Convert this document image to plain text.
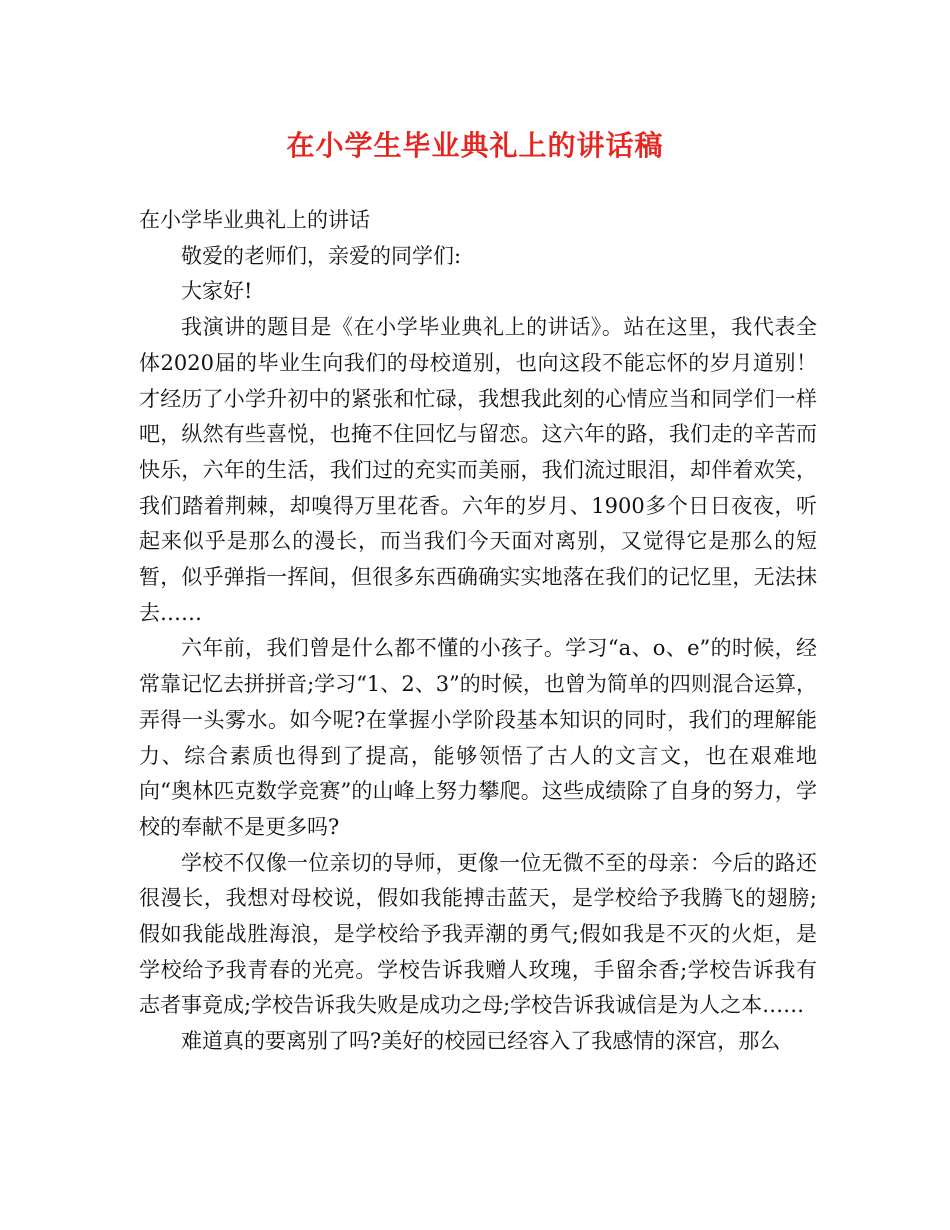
在小学生毕业典礼上的讲话稿

在小学毕业典礼上的讲话

敬爱的老师们，亲爱的同学们:

大家好!

我演讲的题目是《在小学毕业典礼上的讲话》。站在这里，我代表全体2020届的毕业生向我们的母校道别，也向这段不能忘怀的岁月道别！才经历了小学升初中的紧张和忙碌，我想我此刻的心情应当和同学们一样吧，纵然有些喜悦，也掩不住回忆与留恋。这六年的路，我们走的辛苦而快乐，六年的生活，我们过的充实而美丽，我们流过眼泪，却伴着欢笑，我们踏着荆棘，却嗅得万里花香。六年的岁月、1900多个日日夜夜，听起来似乎是那么的漫长，而当我们今天面对离别，又觉得它是那么的短暂，似乎弹指一挥间，但很多东西确确实实地落在我们的记忆里，无法抹去……

六年前，我们曾是什么都不懂的小孩子。学习“a、o、e”的时候，经常靠记忆去拼拼音;学习“1、2、3”的时候，也曾为简单的四则混合运算，弄得一头雾水。如今呢?在掌握小学阶段基本知识的同时，我们的理解能力、综合素质也得到了提高，能够领悟了古人的文言文，也在艰难地向“奥林匹克数学竞赛”的山峰上努力攀爬。这些成绩除了自身的努力，学校的奉献不是更多吗?

学校不仅像一位亲切的导师，更像一位无微不至的母亲：今后的路还很漫长，我想对母校说，假如我能搏击蓝天，是学校给予我腾飞的翅膀;假如我能战胜海浪，是学校给予我弄潮的勇气;假如我是不灭的火炬，是学校给予我青春的光亮。学校告诉我赠人玫瑰，手留余香;学校告诉我有志者事竟成;学校告诉我失败是成功之母;学校告诉我诚信是为人之本……

难道真的要离别了吗?美好的校园已经容入了我感情的深宫，那么
